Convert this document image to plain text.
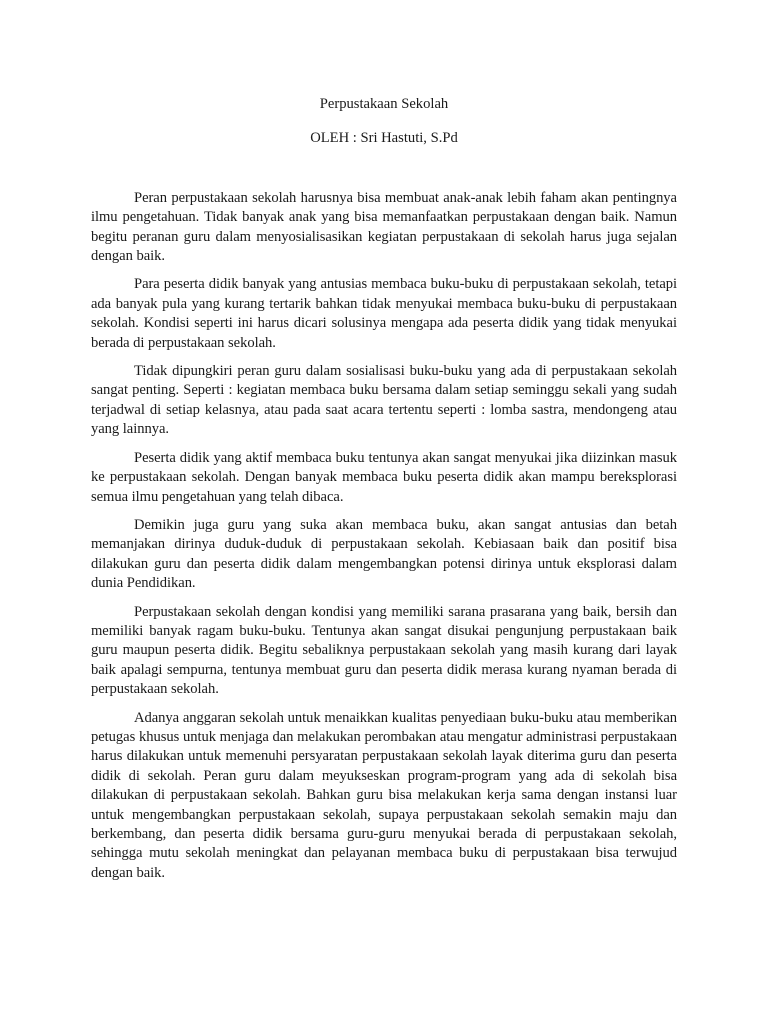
Perpustakaan Sekolah

OLEH : Sri Hastuti, S.Pd

Peran perpustakaan sekolah harusnya bisa membuat anak-anak lebih faham akan pentingnya ilmu pengetahuan. Tidak banyak anak yang bisa memanfaatkan perpustakaan dengan baik. Namun begitu peranan guru dalam menyosialisasikan kegiatan perpustakaan di sekolah harus juga sejalan dengan baik.

Para peserta didik banyak yang antusias membaca buku-buku di perpustakaan sekolah, tetapi ada banyak pula yang kurang tertarik bahkan tidak menyukai membaca buku-buku di perpustakaan sekolah. Kondisi seperti ini harus dicari solusinya mengapa ada peserta didik yang tidak menyukai berada di perpustakaan sekolah.

Tidak dipungkiri peran guru dalam sosialisasi buku-buku yang ada di perpustakaan sekolah sangat penting. Seperti : kegiatan membaca buku bersama dalam setiap seminggu sekali yang sudah terjadwal di setiap kelasnya, atau pada saat acara tertentu seperti : lomba sastra, mendongeng atau yang lainnya.

Peserta didik yang aktif membaca buku tentunya akan sangat menyukai jika diizinkan masuk ke perpustakaan sekolah. Dengan banyak membaca buku peserta didik akan mampu bereksplorasi semua ilmu pengetahuan yang telah dibaca.

Demikin juga guru yang suka akan membaca buku, akan sangat antusias dan betah memanjakan dirinya duduk-duduk di perpustakaan sekolah. Kebiasaan baik dan positif bisa dilakukan guru dan peserta didik dalam mengembangkan potensi dirinya untuk eksplorasi dalam dunia Pendidikan.

Perpustakaan sekolah dengan kondisi yang memiliki sarana prasarana yang baik, bersih dan memiliki banyak ragam buku-buku. Tentunya akan sangat disukai pengunjung perpustakaan baik guru maupun peserta didik. Begitu sebaliknya perpustakaan sekolah yang masih kurang dari layak baik apalagi sempurna, tentunya membuat guru dan peserta didik merasa kurang nyaman berada di perpustakaan sekolah.

Adanya anggaran sekolah untuk menaikkan kualitas penyediaan buku-buku atau memberikan petugas khusus untuk menjaga dan melakukan perombakan atau mengatur administrasi perpustakaan harus dilakukan untuk memenuhi persyaratan perpustakaan sekolah layak diterima guru dan peserta didik di sekolah. Peran guru dalam meyukseskan program-program yang ada di sekolah bisa dilakukan di perpustakaan sekolah. Bahkan guru bisa melakukan kerja sama dengan instansi luar untuk mengembangkan perpustakaan sekolah, supaya perpustakaan sekolah semakin maju dan berkembang, dan peserta didik bersama guru-guru menyukai berada di perpustakaan sekolah, sehingga mutu sekolah meningkat dan pelayanan membaca buku di perpustakaan bisa terwujud dengan baik.
